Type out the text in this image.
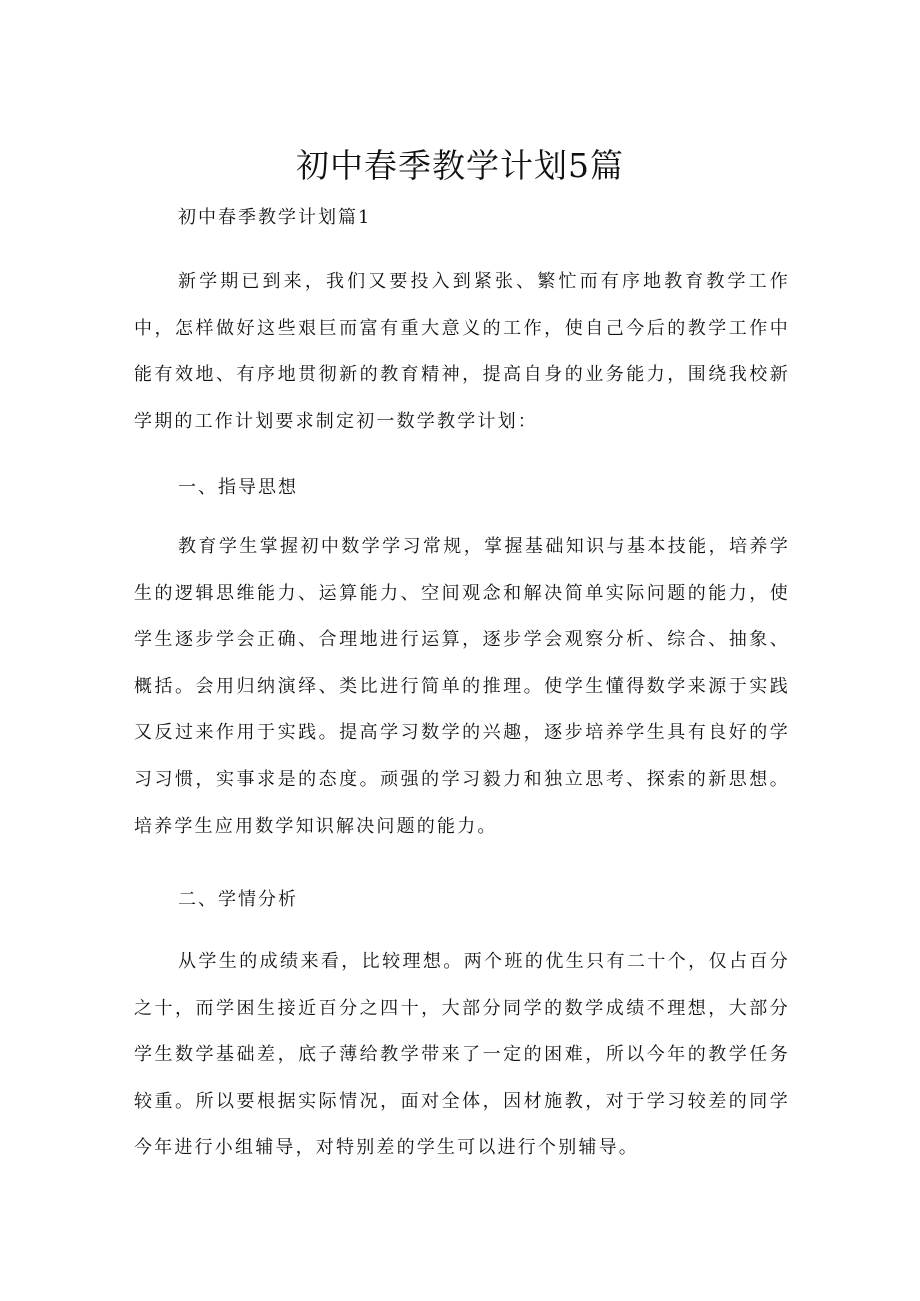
初中春季教学计划5篇
初中春季教学计划篇1

新学期已到来，我们又要投入到紧张、繁忙而有序地教育教学工作中，怎样做好这些艰巨而富有重大意义的工作，使自己今后的教学工作中能有效地、有序地贯彻新的教育精神，提高自身的业务能力，围绕我校新学期的工作计划要求制定初一数学教学计划：

一、指导思想

教育学生掌握初中数学学习常规，掌握基础知识与基本技能，培养学生的逻辑思维能力、运算能力、空间观念和解决简单实际问题的能力，使学生逐步学会正确、合理地进行运算，逐步学会观察分析、综合、抽象、概括。会用归纳演绎、类比进行简单的推理。使学生懂得数学来源于实践又反过来作用于实践。提高学习数学的兴趣，逐步培养学生具有良好的学习习惯，实事求是的态度。顽强的学习毅力和独立思考、探索的新思想。培养学生应用数学知识解决问题的能力。

二、学情分析

从学生的成绩来看，比较理想。两个班的优生只有二十个，仅占百分之十，而学困生接近百分之四十，大部分同学的数学成绩不理想，大部分学生数学基础差，底子薄给教学带来了一定的困难，所以今年的教学任务较重。所以要根据实际情况，面对全体，因材施教，对于学习较差的同学今年进行小组辅导，对特别差的学生可以进行个别辅导。
